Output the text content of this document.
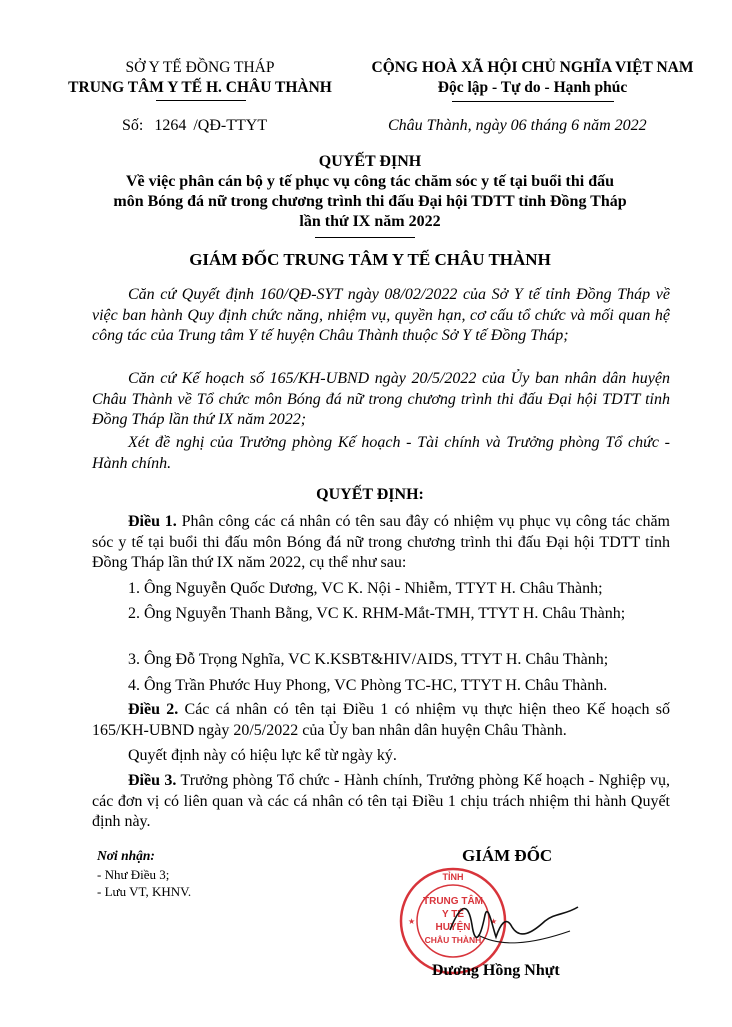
SỞ Y TẾ ĐỒNG THÁP
TRUNG TÂM Y TẾ H. CHÂU THÀNH
CỘNG HOÀ XÃ HỘI CHỦ NGHĨA VIỆT NAM
Độc lập - Tự do - Hạnh phúc
Số: 1264 /QĐ-TTYT	Châu Thành, ngày 06 tháng 6 năm 2022
QUYẾT ĐỊNH
Về việc phân cán bộ y tế phục vụ công tác chăm sóc y tế tại buổi thi đấu
môn Bóng đá nữ trong chương trình thi đấu Đại hội TDTT tỉnh Đồng Tháp
lần thứ IX năm 2022
GIÁM ĐỐC TRUNG TÂM Y TẾ CHÂU THÀNH
Căn cứ Quyết định 160/QĐ-SYT ngày 08/02/2022 của Sở Y tế tỉnh Đồng Tháp về việc ban hành Quy định chức năng, nhiệm vụ, quyền hạn, cơ cấu tổ chức và mối quan hệ công tác của Trung tâm Y tế huyện Châu Thành thuộc Sở Y tế Đồng Tháp;
Căn cứ Kế hoạch số 165/KH-UBND ngày 20/5/2022 của Ủy ban nhân dân huyện Châu Thành về Tổ chức môn Bóng đá nữ trong chương trình thi đấu Đại hội TDTT tỉnh Đồng Tháp lần thứ IX năm 2022;
Xét đề nghị của Trưởng phòng Kế hoạch - Tài chính và Trưởng phòng Tổ chức - Hành chính.
QUYẾT ĐỊNH:
Điều 1. Phân công các cá nhân có tên sau đây có nhiệm vụ phục vụ công tác chăm sóc y tế tại buổi thi đấu môn Bóng đá nữ trong chương trình thi đấu Đại hội TDTT tỉnh Đồng Tháp lần thứ IX năm 2022, cụ thể như sau:
1. Ông Nguyễn Quốc Dương, VC K. Nội - Nhiễm, TTYT H. Châu Thành;
2. Ông Nguyễn Thanh Bằng, VC K. RHM-Mắt-TMH, TTYT H. Châu Thành;
3. Ông Đỗ Trọng Nghĩa, VC K.KSBT&HIV/AIDS, TTYT H. Châu Thành;
4. Ông Trần Phước Huy Phong, VC Phòng TC-HC, TTYT H. Châu Thành.
Điều 2. Các cá nhân có tên tại Điều 1 có nhiệm vụ thực hiện theo Kế hoạch số 165/KH-UBND ngày 20/5/2022 của Ủy ban nhân dân huyện Châu Thành.
Quyết định này có hiệu lực kể từ ngày ký.
Điều 3. Trưởng phòng Tổ chức - Hành chính, Trưởng phòng Kế hoạch - Nghiệp vụ, các đơn vị có liên quan và các cá nhân có tên tại Điều 1 chịu trách nhiệm thi hành Quyết định này.
Nơi nhận:
- Như Điều 3;
- Lưu VT, KHNV.
GIÁM ĐỐC
TỈNH
TRUNG TÂM
Y TẾ
HUYỆN
CHÂU THÀNH
★	★
Dương Hồng Nhựt
